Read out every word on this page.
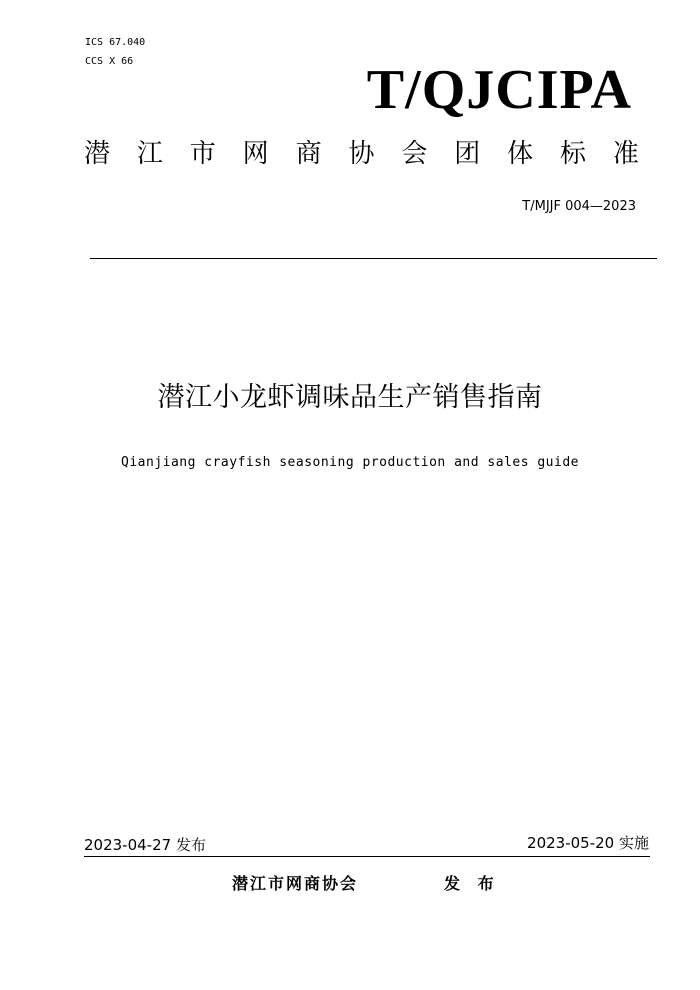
ICS 67.040
CCS X 66	T/QJCIPA
潜 江 市 网 商 协 会 团 体 标 准
T/MJJF 004—2023
潜江小龙虾调味品生产销售指南
Qianjiang crayfish seasoning production and sales guide
2023-04-27 发布	2023-05-20 实施
潜江市网商协会	发 布
